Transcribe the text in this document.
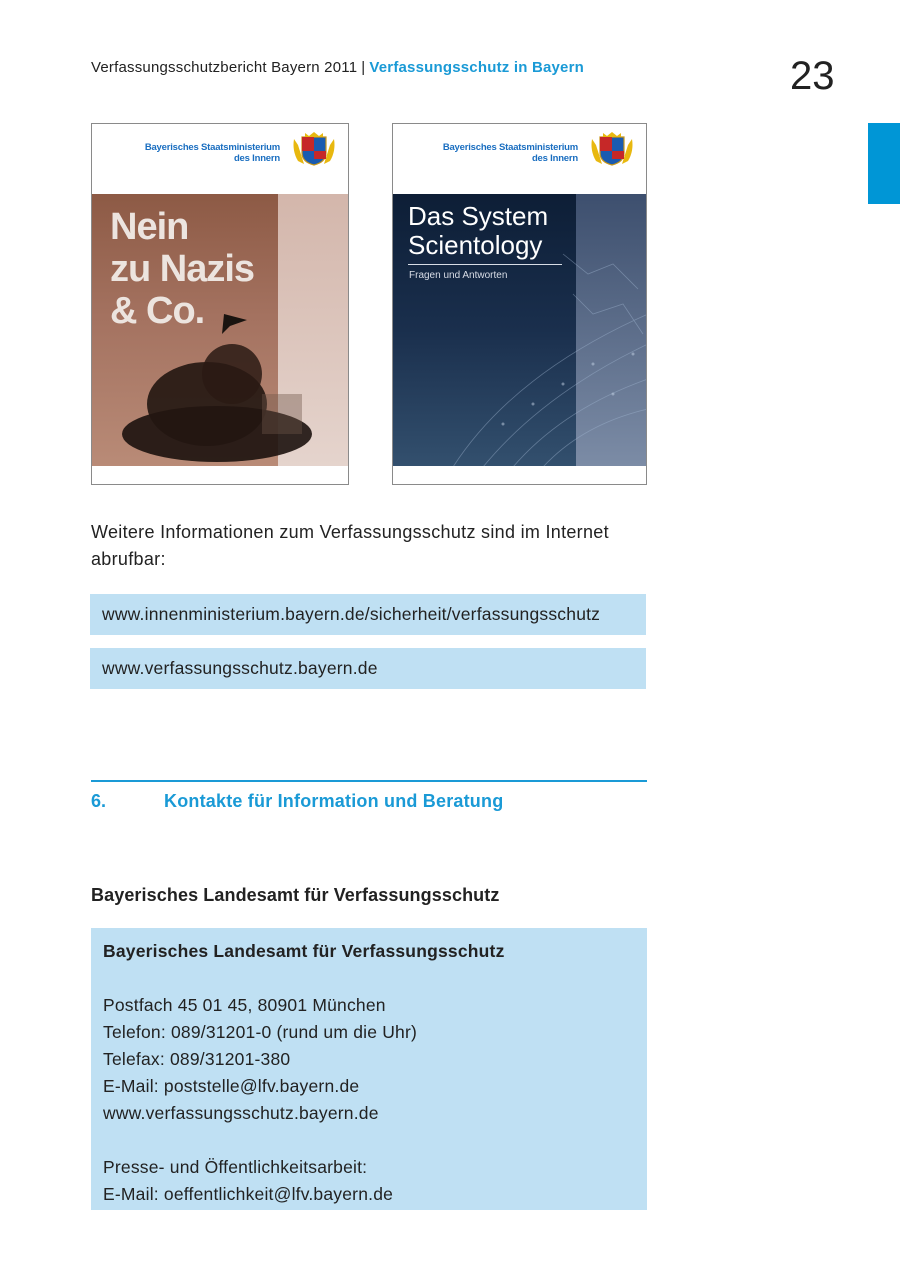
Verfassungsschutzbericht Bayern 2011 | Verfassungsschutz in Bayern	23
Bayerisches Staatsministerium
des Innern
Nein
zu Nazis
& Co.
Bayerisches Staatsministerium
des Innern
Das System
Scientology
Fragen und Antworten
Weitere Informationen zum Verfassungsschutz sind im Internet abrufbar:
www.innenministerium.bayern.de/sicherheit/verfassungsschutz
www.verfassungsschutz.bayern.de
6.	Kontakte für Information und Beratung
Bayerisches Landesamt für Verfassungsschutz
Bayerisches Landesamt für Verfassungsschutz
Postfach 45 01 45, 80901 München
Telefon: 089/31201-0 (rund um die Uhr)
Telefax: 089/31201-380
E-Mail: poststelle@lfv.bayern.de
www.verfassungsschutz.bayern.de
Presse- und Öffentlichkeitsarbeit:
E-Mail: oeffentlichkeit@lfv.bayern.de
